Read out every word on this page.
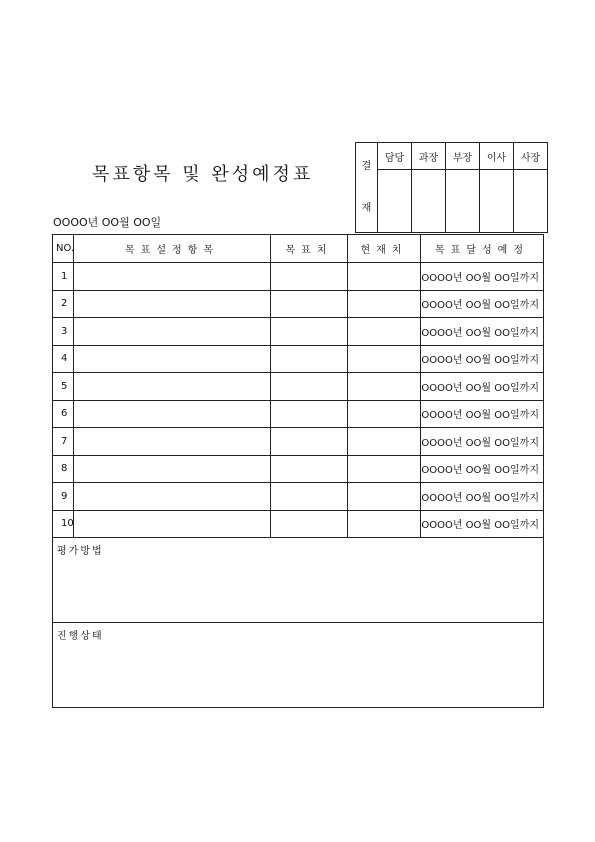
목표항목 및 완성예정표
OOOO년 OO월 OO일
결
재	담당	과장	부장	이사	사장

NO.	목표설정항목	목표치	현재치	목표달성예정
1				OOOO년 OO월 OO일까지
2				OOOO년 OO월 OO일까지
3				OOOO년 OO월 OO일까지
4				OOOO년 OO월 OO일까지
5				OOOO년 OO월 OO일까지
6				OOOO년 OO월 OO일까지
7				OOOO년 OO월 OO일까지
8				OOOO년 OO월 OO일까지
9				OOOO년 OO월 OO일까지
10				OOOO년 OO월 OO일까지
평가방법				
진행상태				
